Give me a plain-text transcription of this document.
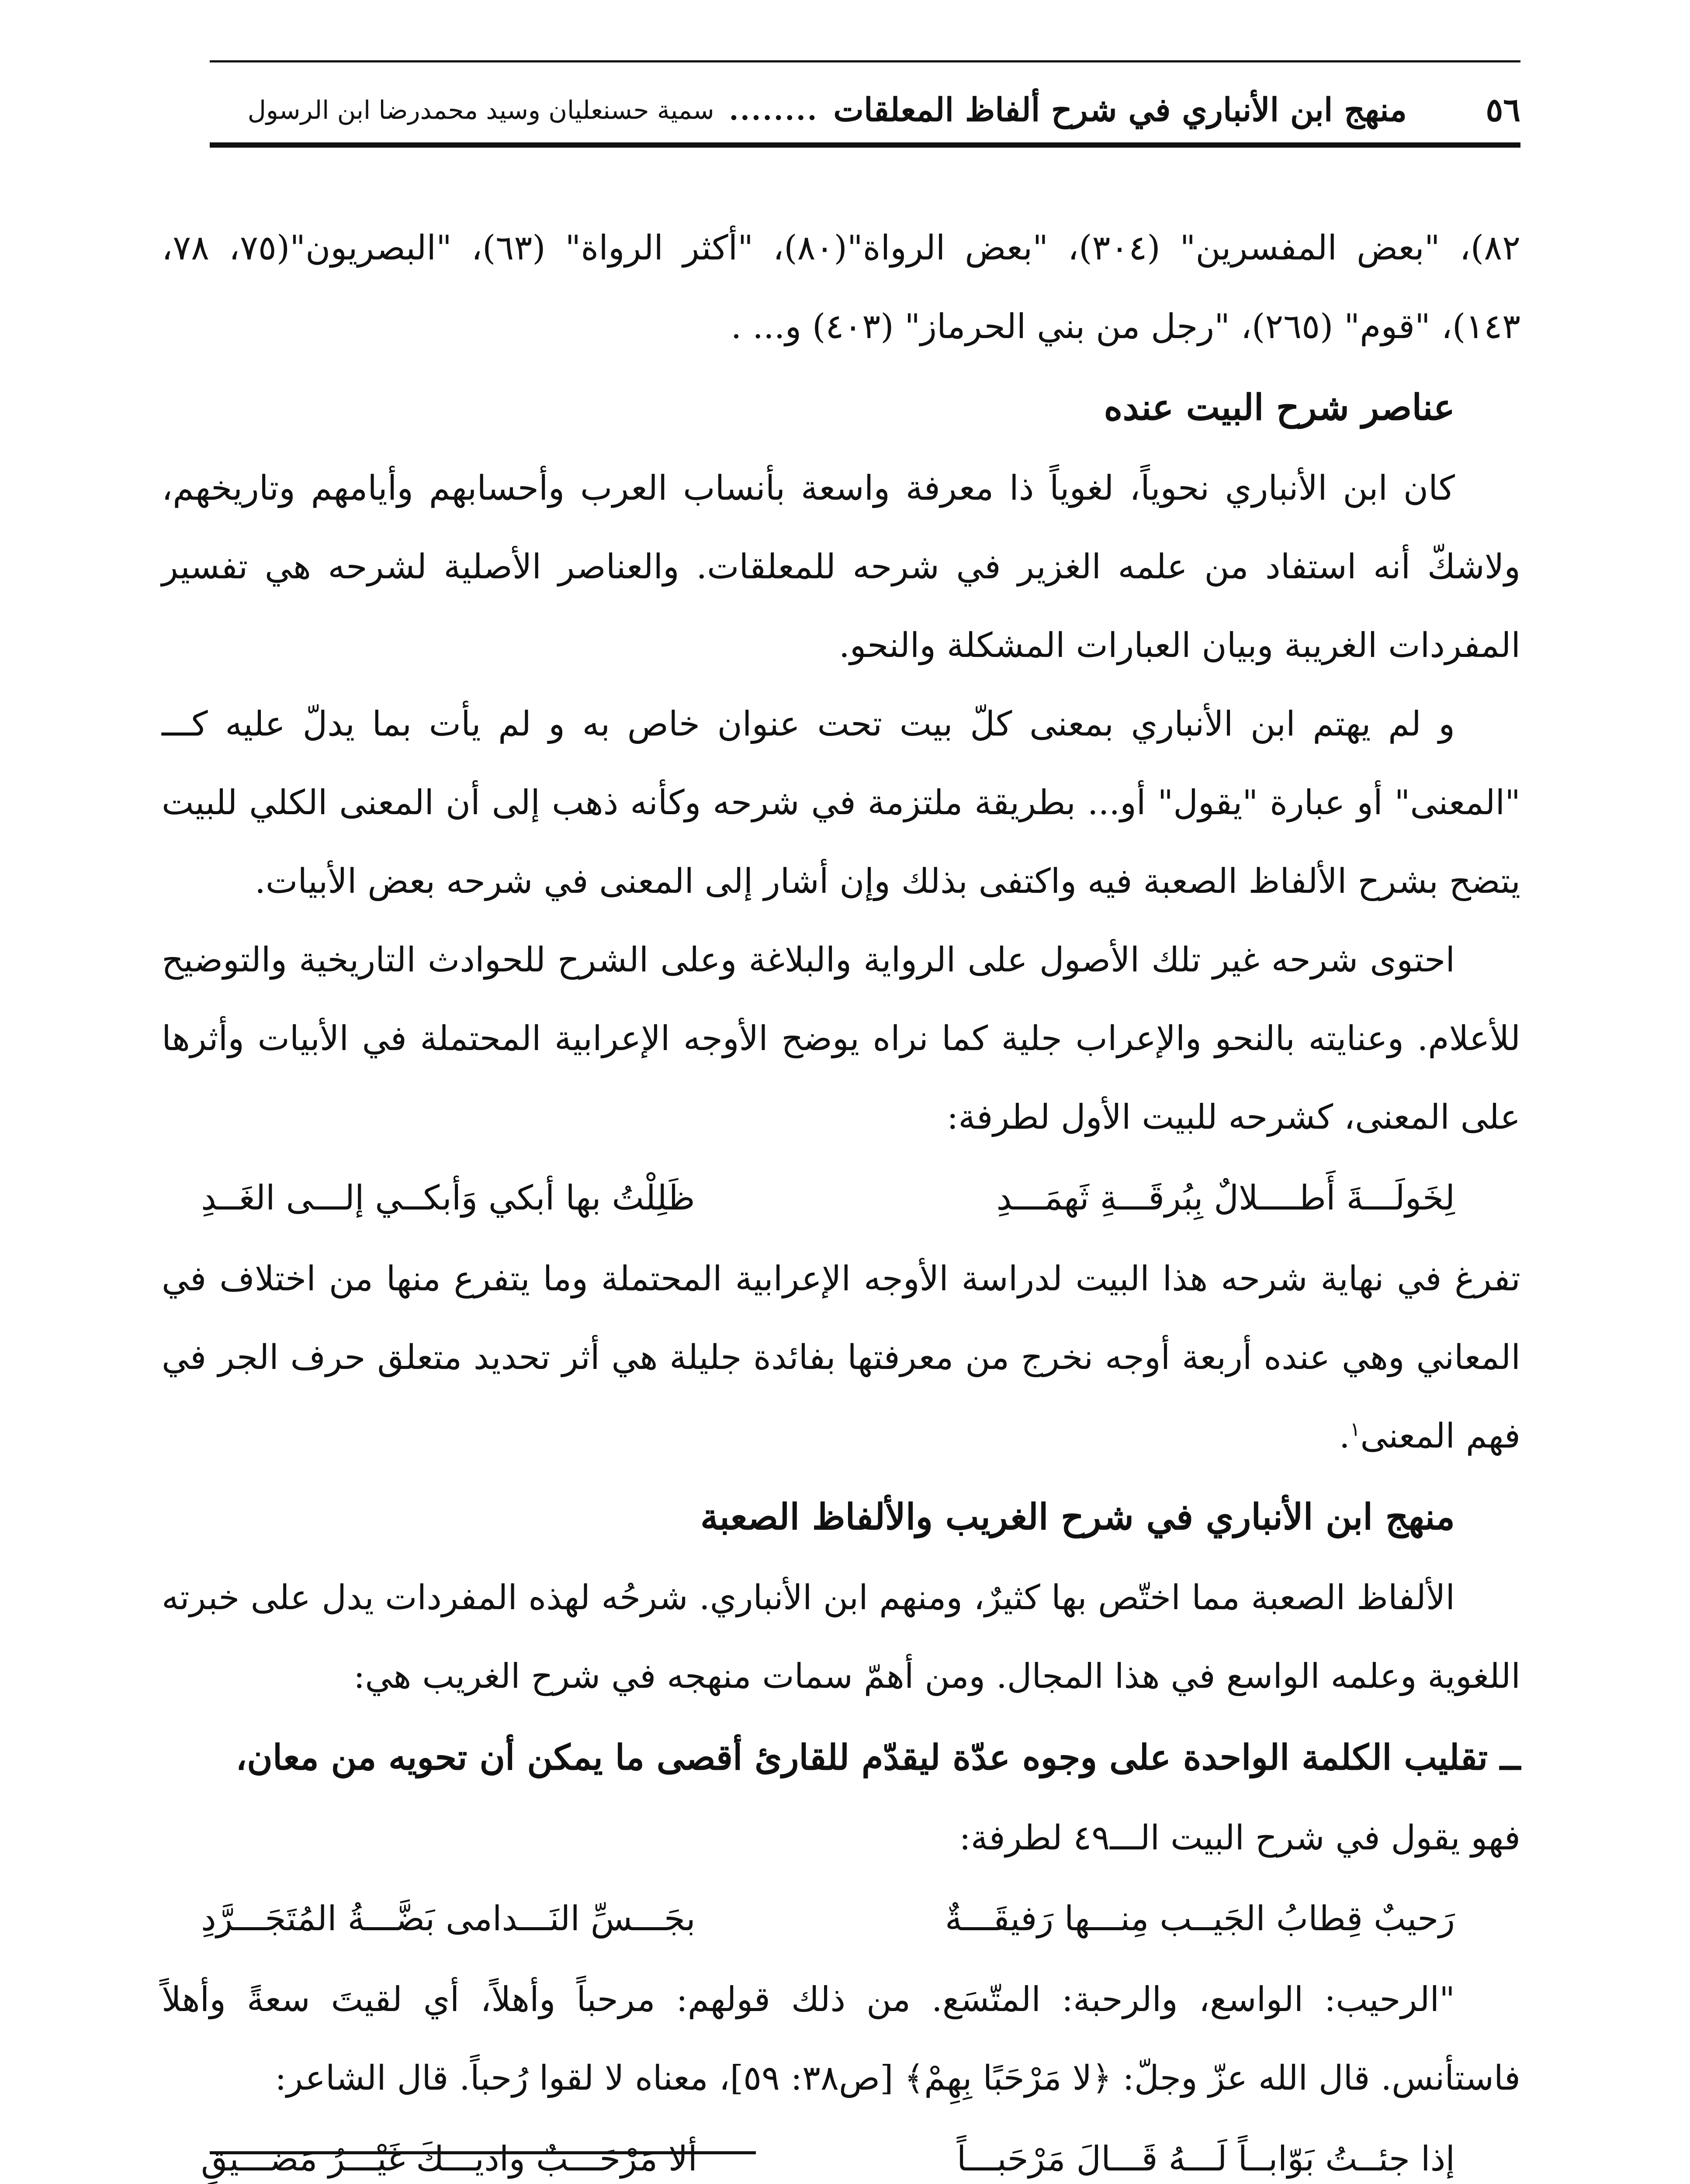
٥٦
منهج ابن الأنباري في شرح ألفاظ المعلقات
........
سمية حسنعليان وسيد محمدرضا ابن الرسول

٨٢)، "بعض المفسرين" (٣٠٤)، "بعض الرواة"(٨٠)، "أكثر الرواة" (٦٣)، "البصريون"(٧٥، ٧٨، ١٤٣)، "قوم" (٢٦٥)، "رجل من بني الحرماز" (٤٠٣) و... .

عناصر شرح البيت عنده

كان ابن الأنباري نحوياً، لغوياً ذا معرفة واسعة بأنساب العرب وأحسابهم وأيامهم وتاريخهم، ولاشكّ أنه استفاد من علمه الغزير في شرحه للمعلقات. والعناصر الأصلية لشرحه هي تفسير المفردات الغريبة وبيان العبارات المشكلة والنحو.

و لم يهتم ابن الأنباري بمعنى كلّ بيت تحت عنوان خاص به و لم يأت بما يدلّ عليه كـــ "المعنى" أو عبارة "يقول" أو... بطريقة ملتزمة في شرحه وكأنه ذهب إلى أن المعنى الكلي للبيت يتضح بشرح الألفاظ الصعبة فيه واكتفى بذلك وإن أشار إلى المعنى في شرحه بعض الأبيات.

احتوى شرحه غير تلك الأصول على الرواية والبلاغة وعلى الشرح للحوادث التاريخية والتوضيح للأعلام. وعنايته بالنحو والإعراب جلية كما نراه يوضح الأوجه الإعرابية المحتملة في الأبيات وأثرها على المعنى، كشرحه للبيت الأول لطرفة:

لِخَولَـــةَ أَطــــلالٌ بِبُرقَـــةِ ثَهمَـــدِ
ظَلِلْتُ بها أبكي وَأبكــي إلـــى الغَــدِ

تفرغ في نهاية شرحه هذا البيت لدراسة الأوجه الإعرابية المحتملة وما يتفرع منها من اختلاف في المعاني وهي عنده أربعة أوجه نخرج من معرفتها بفائدة جليلة هي أثر تحديد متعلق حرف الجر في فهم المعنى$^١$.

منهج ابن الأنباري في شرح الغريب والألفاظ الصعبة

الألفاظ الصعبة مما اختّص بها كثيرٌ، ومنهم ابن الأنباري. شرحُه لهذه المفردات يدل على خبرته اللغوية وعلمه الواسع في هذا المجال. ومن أهمّ سمات منهجه في شرح الغريب هي:

ــ تقليب الكلمة الواحدة على وجوه عدّة ليقدّم للقارئ أقصى ما يمكن أن تحويه من معان،

فهو يقول في شرح البيت الـــ٤٩ لطرفة:

رَحيبٌ قِطابُ الجَيــب مِنـــها رَفيقَـــةٌ
بجَـــسِّ النَـــدامى بَضَّـــةُ المُتَجَـــرَّدِ

"الرحيب: الواسع، والرحبة: المتّسَع. من ذلك قولهم: مرحباً وأهلاً، أي لقيتَ سعةً وأهلاً فاستأنس. قال الله عزّ وجلّ: ﴿لا مَرْحَبًا بِهِمْ﴾ [ص٣٨: ٥٩]، معناه لا لقوا رُحباً. قال الشاعر:

إذا جئــتُ بَوّابــاً لَـــهُ قَـــالَ مَرْحَبـــاً
ألا مَرْحَـــبٌ واديـــكَ غَيْـــرُ مَضـــيقِ
